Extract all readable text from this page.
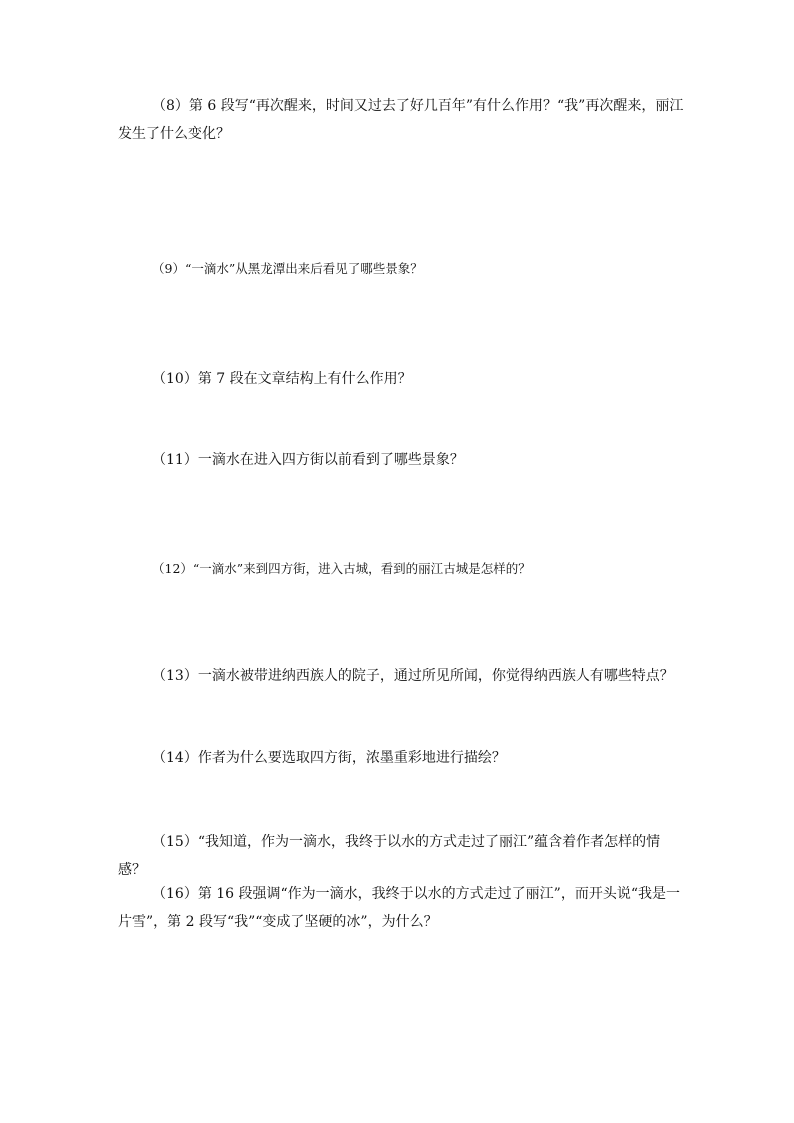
（8）第 6 段写“再次醒来，时间又过去了好几百年”有什么作用？“我”再次醒来，丽江发生了什么变化？

（9）“一滴水”从黑龙潭出来后看见了哪些景象？

（10）第 7 段在文章结构上有什么作用？

（11）一滴水在进入四方街以前看到了哪些景象？

（12）“一滴水”来到四方街，进入古城，看到的丽江古城是怎样的？

（13）一滴水被带进纳西族人的院子，通过所见所闻，你觉得纳西族人有哪些特点？

（14）作者为什么要选取四方街，浓墨重彩地进行描绘？

（15）“我知道，作为一滴水，我终于以水的方式走过了丽江”蕴含着作者怎样的情感？

（16）第 16 段强调“作为一滴水，我终于以水的方式走过了丽江”，而开头说“我是一片雪”，第 2 段写“我”“变成了坚硬的冰”，为什么？
